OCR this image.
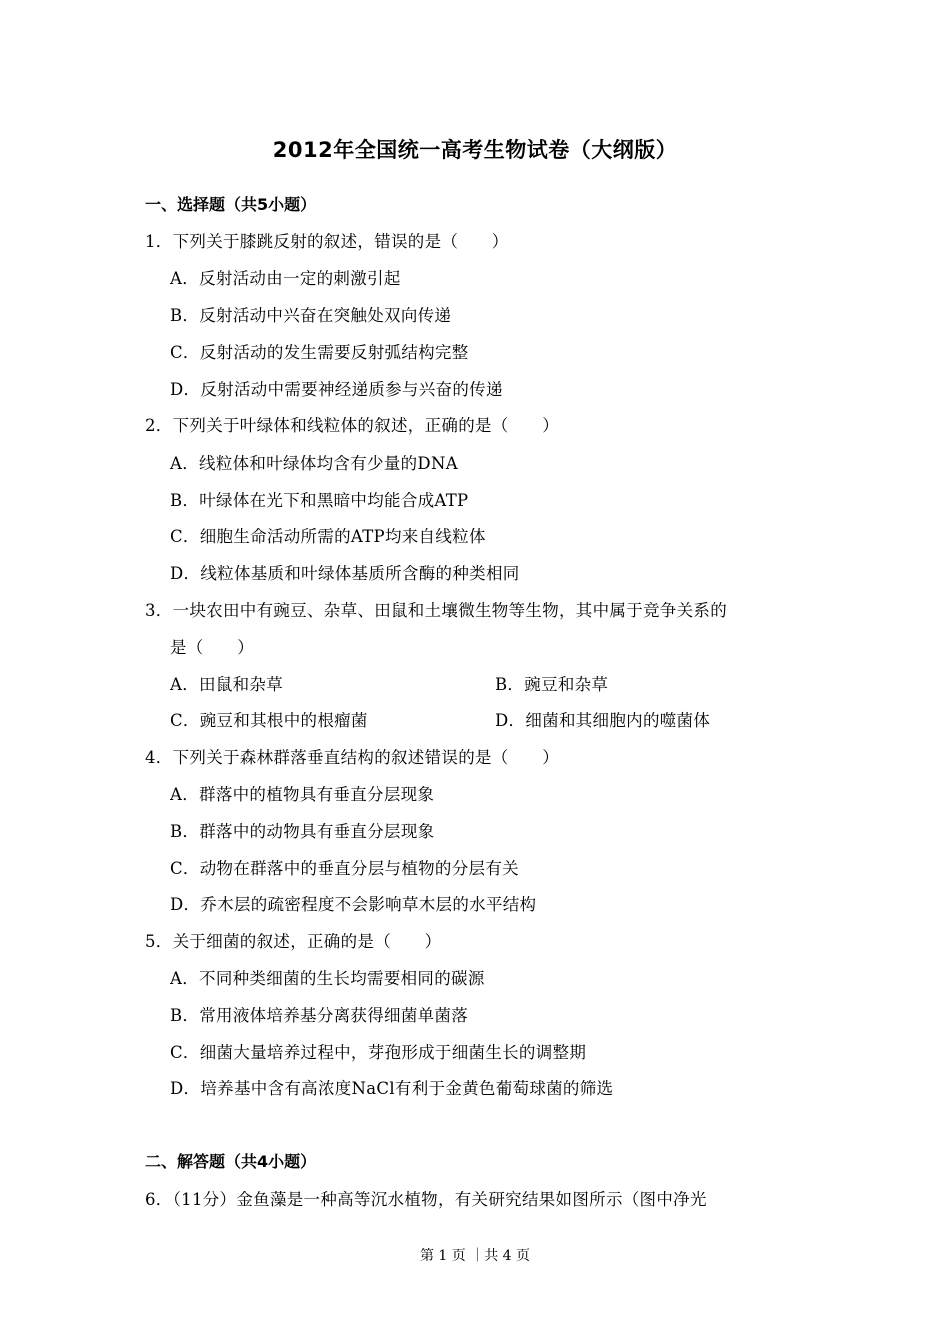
2012年全国统一高考生物试卷（大纲版）
一、选择题（共5小题）
1．下列关于膝跳反射的叙述，错误的是（　　）
A．反射活动由一定的刺激引起
B．反射活动中兴奋在突触处双向传递
C．反射活动的发生需要反射弧结构完整
D．反射活动中需要神经递质参与兴奋的传递
2．下列关于叶绿体和线粒体的叙述，正确的是（　　）
A．线粒体和叶绿体均含有少量的DNA
B．叶绿体在光下和黑暗中均能合成ATP
C．细胞生命活动所需的ATP均来自线粒体
D．线粒体基质和叶绿体基质所含酶的种类相同
3．一块农田中有豌豆、杂草、田鼠和土壤微生物等生物，其中属于竞争关系的
是（　　）
A．田鼠和杂草	B．豌豆和杂草
C．豌豆和其根中的根瘤菌	D．细菌和其细胞内的噬菌体
4．下列关于森林群落垂直结构的叙述错误的是（　　）
A．群落中的植物具有垂直分层现象
B．群落中的动物具有垂直分层现象
C．动物在群落中的垂直分层与植物的分层有关
D．乔木层的疏密程度不会影响草木层的水平结构
5．关于细菌的叙述，正确的是（　　）
A．不同种类细菌的生长均需要相同的碳源
B．常用液体培养基分离获得细菌单菌落
C．细菌大量培养过程中，芽孢形成于细菌生长的调整期
D．培养基中含有高浓度NaCl有利于金黄色葡萄球菌的筛选
二、解答题（共4小题）
6．（11分）金鱼藻是一种高等沉水植物，有关研究结果如图所示（图中净光
第 1 页 ｜共 4 页
